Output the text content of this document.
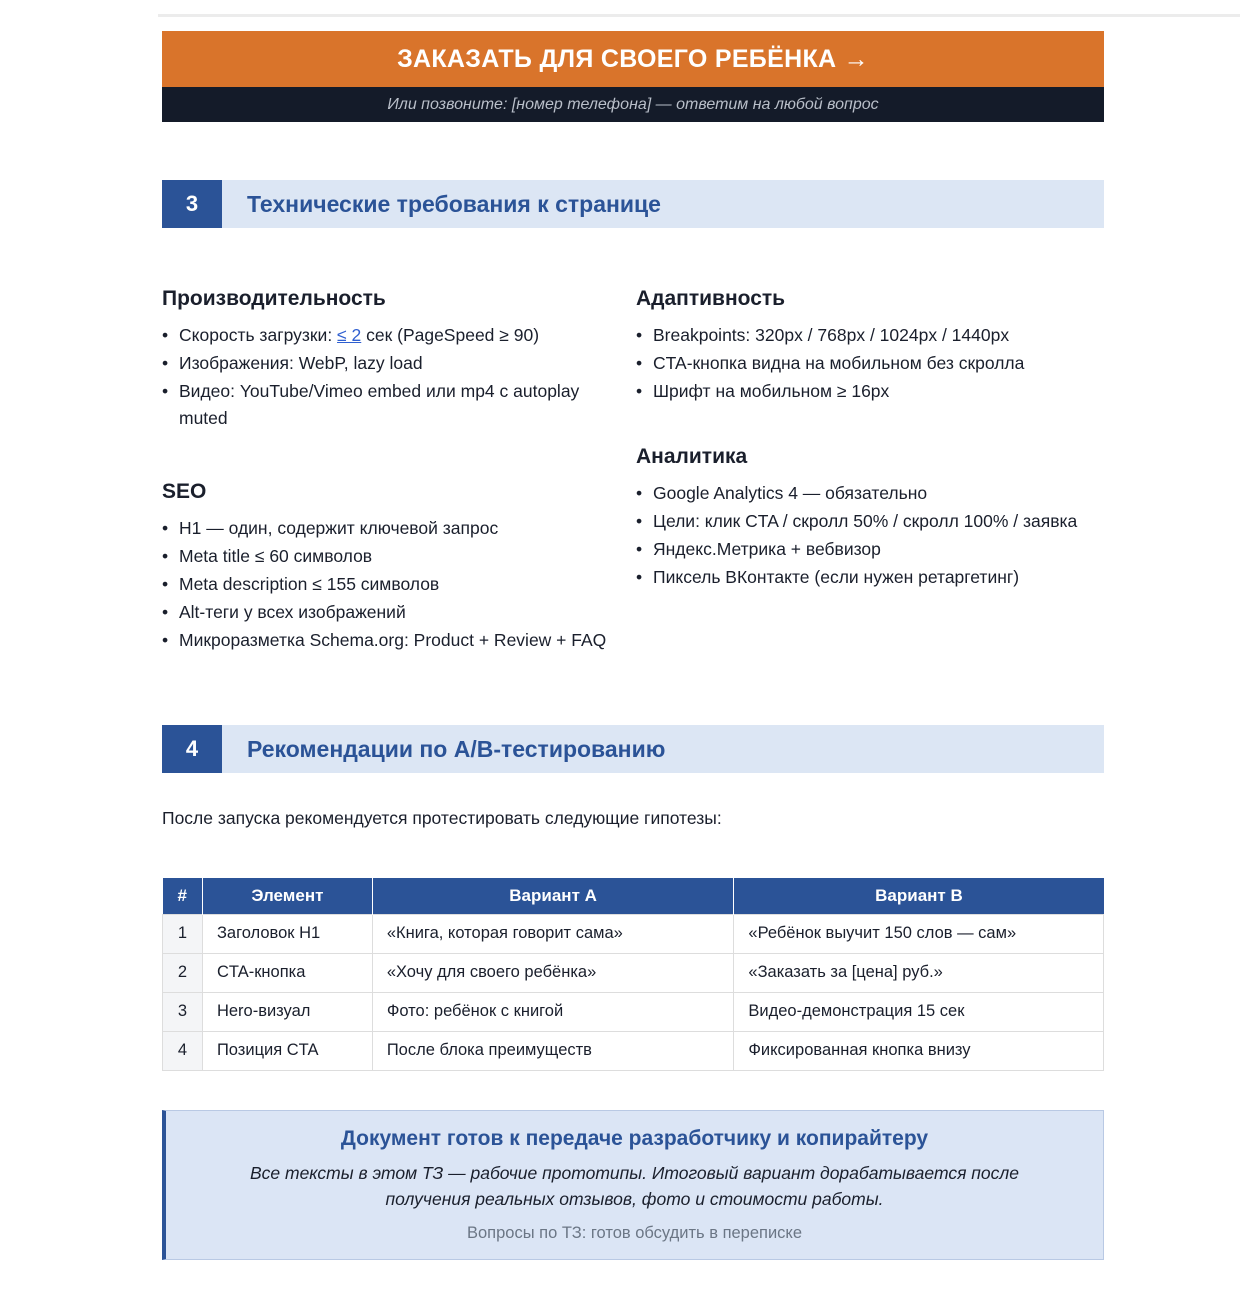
ЗАКАЗАТЬ ДЛЯ СВОЕГО РЕБЁНКА →
Или позвоните: [номер телефона] — ответим на любой вопрос
3	Технические требования к странице
Производительность
• Скорость загрузки: ≤ 2 сек (PageSpeed ≥ 90)
• Изображения: WebP, lazy load
• Видео: YouTube/Vimeo embed или mp4 с autoplay muted
SEO
• H1 — один, содержит ключевой запрос
• Meta title ≤ 60 символов
• Meta description ≤ 155 символов
• Alt-теги у всех изображений
• Микроразметка Schema.org: Product + Review + FAQ
Адаптивность
• Breakpoints: 320px / 768px / 1024px / 1440px
• CTA-кнопка видна на мобильном без скролла
• Шрифт на мобильном ≥ 16px
Аналитика
• Google Analytics 4 — обязательно
• Цели: клик CTA / скролл 50% / скролл 100% / заявка
• Яндекс.Метрика + вебвизор
• Пиксель ВКонтакте (если нужен ретаргетинг)
4	Рекомендации по A/B-тестированию
После запуска рекомендуется протестировать следующие гипотезы:
#	Элемент	Вариант A	Вариант B
1	Заголовок H1	«Книга, которая говорит сама»	«Ребёнок выучит 150 слов — сам»
2	CTA-кнопка	«Хочу для своего ребёнка»	«Заказать за [цена] руб.»
3	Hero-визуал	Фото: ребёнок с книгой	Видео-демонстрация 15 сек
4	Позиция CTA	После блока преимуществ	Фиксированная кнопка внизу
Документ готов к передаче разработчику и копирайтеру
Все тексты в этом ТЗ — рабочие прототипы. Итоговый вариант дорабатывается после получения реальных отзывов, фото и стоимости работы.
Вопросы по ТЗ: готов обсудить в переписке
